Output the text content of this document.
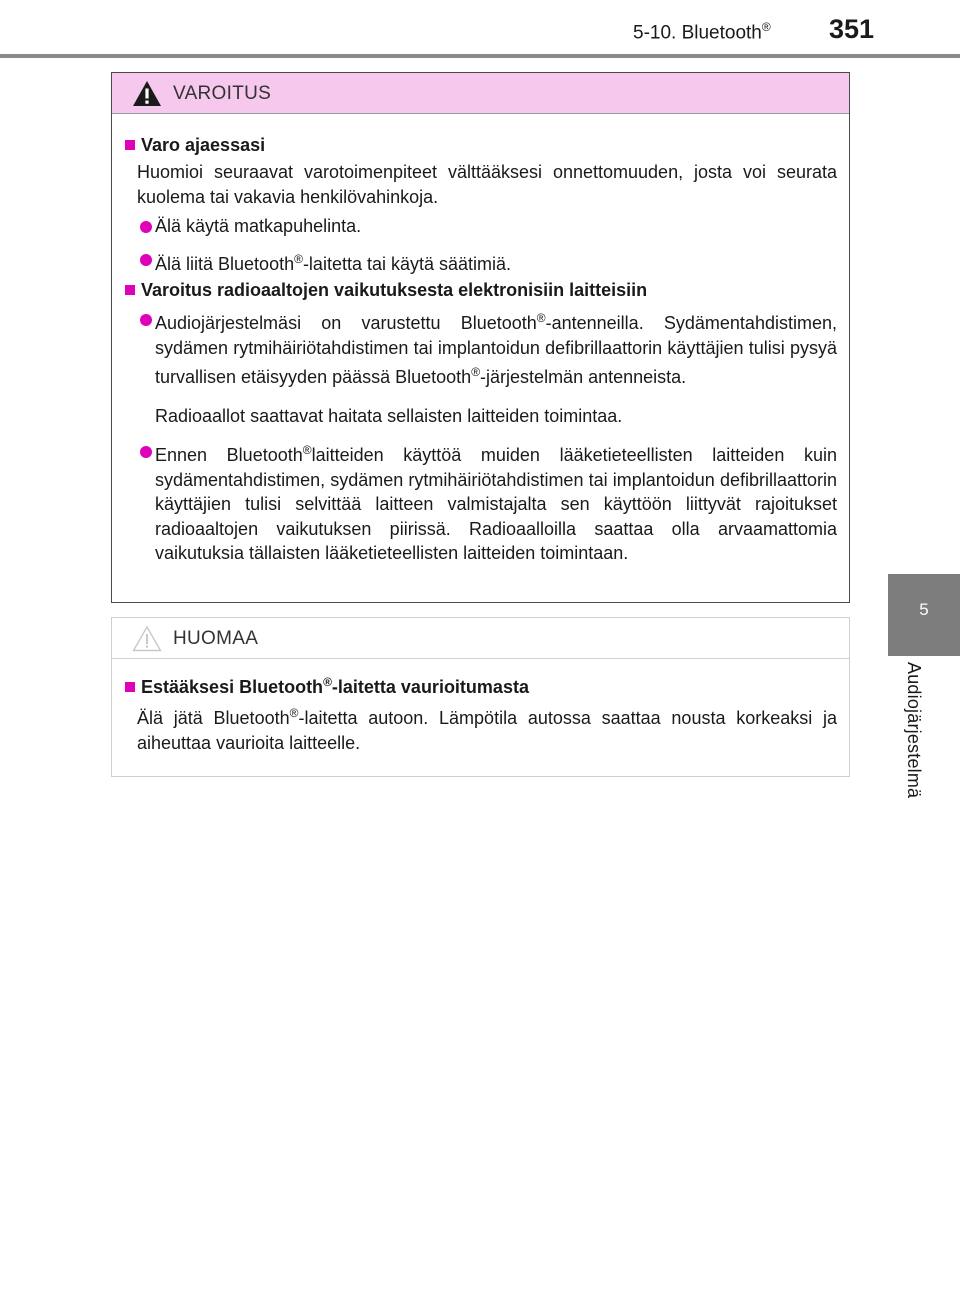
5-10. Bluetooth® 351
5
Audiojärjestelmä
VAROITUS
Varo ajaessasi
Huomioi seuraavat varotoimenpiteet välttääksesi onnettomuuden, josta voi seurata kuolema tai vakavia henkilövahinkoja.
Älä käytä matkapuhelinta.
Älä liitä Bluetooth®-laitetta tai käytä säätimiä.
Varoitus radioaaltojen vaikutuksesta elektronisiin laitteisiin
Audiojärjestelmäsi on varustettu Bluetooth®-antenneilla. Sydämentahdistimen, sydämen rytmihäiriötahdistimen tai implantoidun defibrillaattorin käyttäjien tulisi pysyä turvallisen etäisyyden päässä Bluetooth®-järjestelmän antenneista.
Radioaallot saattavat haitata sellaisten laitteiden toimintaa.
Ennen Bluetooth®laitteiden käyttöä muiden lääketieteellisten laitteiden kuin sydämentahdistimen, sydämen rytmihäiriötahdistimen tai implantoidun defibrillaattorin käyttäjien tulisi selvittää laitteen valmistajalta sen käyttöön liittyvät rajoitukset radioaaltojen vaikutuksen piirissä. Radioaalloilla saattaa olla arvaamattomia vaikutuksia tällaisten lääketieteellisten laitteiden toimintaan.
HUOMAA
Estääksesi Bluetooth®-laitetta vaurioitumasta
Älä jätä Bluetooth®-laitetta autoon. Lämpötila autossa saattaa nousta korkeaksi ja aiheuttaa vaurioita laitteelle.
